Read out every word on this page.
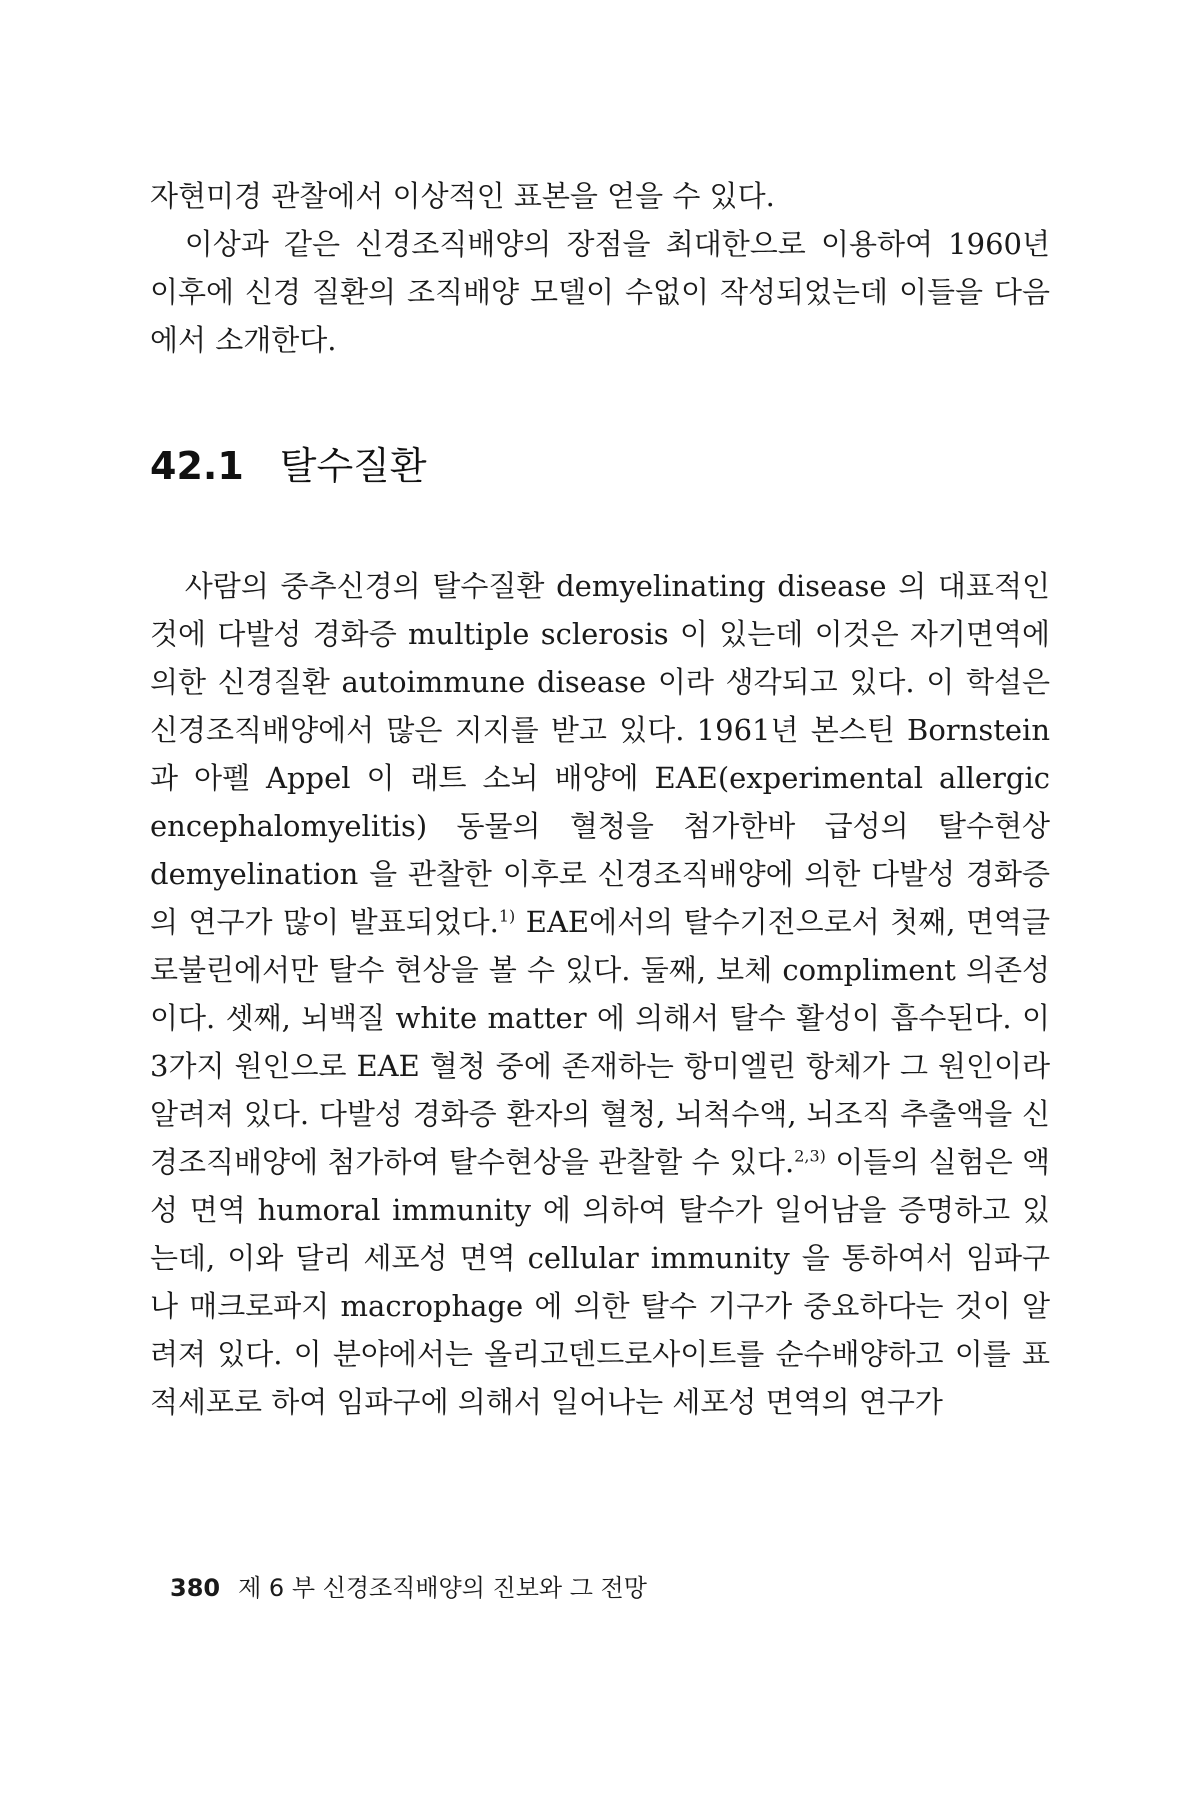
자현미경 관찰에서 이상적인 표본을 얻을 수 있다.

이상과 같은 신경조직배양의 장점을 최대한으로 이용하여 1960년 이후에 신경 질환의 조직배양 모델이 수없이 작성되었는데 이들을 다음에서 소개한다.

42.1 탈수질환

사람의 중추신경의 탈수질환 demyelinating disease 의 대표적인 것에 다발성 경화증 multiple sclerosis 이 있는데 이것은 자기면역에 의한 신경질환 autoimmune disease 이라 생각되고 있다. 이 학설은 신경조직배양에서 많은 지지를 받고 있다. 1961년 본스틴 Bornstein 과 아펠 Appel 이 래트 소뇌 배양에 EAE(experimental allergic encephalomyelitis) 동물의 혈청을 첨가한바 급성의 탈수현상 demyelination 을 관찰한 이후로 신경조직배양에 의한 다발성 경화증의 연구가 많이 발표되었다.$^{1)}$ EAE에서의 탈수기전으로서 첫째, 면역글로불린에서만 탈수 현상을 볼 수 있다. 둘째, 보체 compliment 의존성이다. 셋째, 뇌백질 white matter 에 의해서 탈수 활성이 흡수된다. 이 3가지 원인으로 EAE 혈청 중에 존재하는 항미엘린 항체가 그 원인이라 알려져 있다. 다발성 경화증 환자의 혈청, 뇌척수액, 뇌조직 추출액을 신경조직배양에 첨가하여 탈수현상을 관찰할 수 있다.$^{2,3)}$ 이들의 실험은 액성 면역 humoral immunity 에 의하여 탈수가 일어남을 증명하고 있는데, 이와 달리 세포성 면역 cellular immunity 을 통하여서 임파구나 매크로파지 macrophage 에 의한 탈수 기구가 중요하다는 것이 알려져 있다. 이 분야에서는 올리고덴드로사이트를 순수배양하고 이를 표적세포로 하여 임파구에 의해서 일어나는 세포성 면역의 연구가

380 제 6 부 신경조직배양의 진보와 그 전망
